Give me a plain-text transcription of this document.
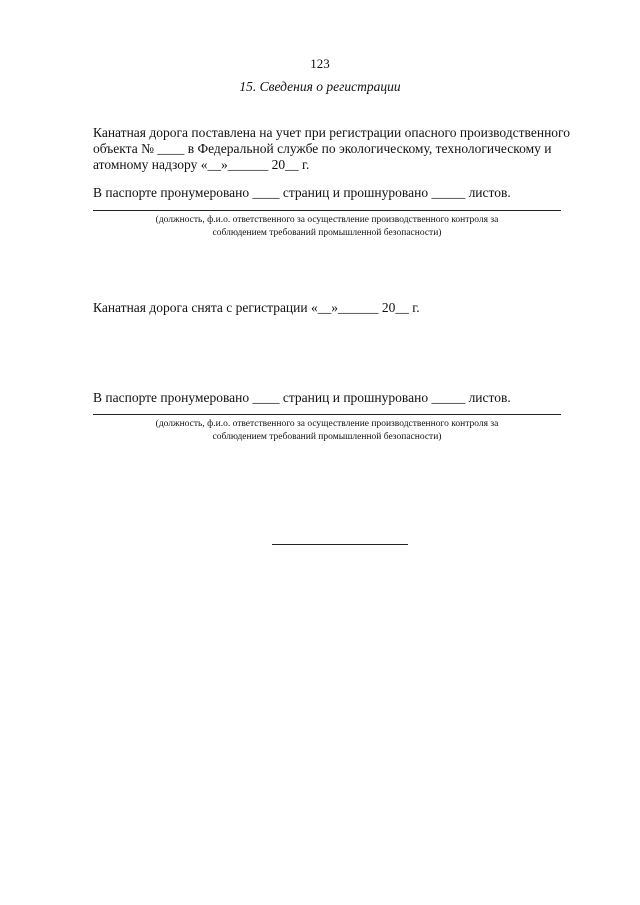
123
15. Сведения о регистрации
Канатная дорога поставлена на учет при регистрации опасного производственного
объекта № ____ в Федеральной службе по экологическому, технологическому и
атомному надзору «__»______ 20__ г.
В паспорте пронумеровано ____ страниц и прошнуровано _____ листов.
(должность, ф.и.о. ответственного за осуществление производственного контроля за
соблюдением требований промышленной безопасности)
Канатная дорога снята с регистрации «__»______ 20__ г.
В паспорте пронумеровано ____ страниц и прошнуровано _____ листов.
(должность, ф.и.о. ответственного за осуществление производственного контроля за
соблюдением требований промышленной безопасности)
